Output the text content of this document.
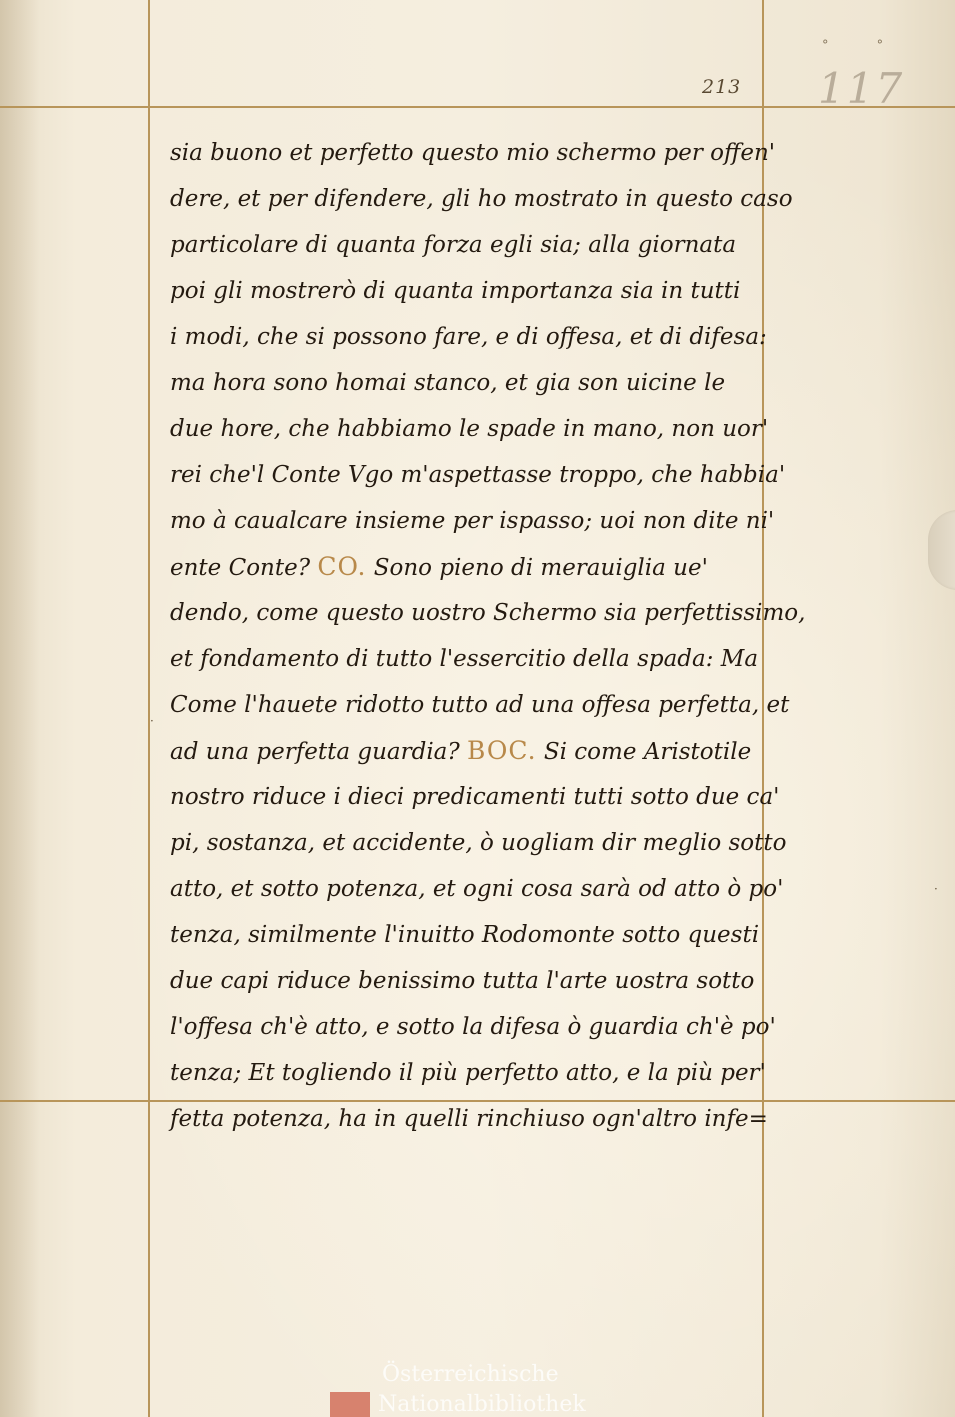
° °
213 117
sia buono et perfetto questo mio schermo per offen'
dere, et per difendere, gli ho mostrato in questo caso
particolare di quanta forza egli sia; alla giornata
poi gli mostrerò di quanta importanza sia in tutti
i modi, che si possono fare, e di offesa, et di difesa:
ma hora sono homai stanco, et gia son uicine le
due hore, che habbiamo le spade in mano, non uor'
rei che'l Conte Vgo m'aspettasse troppo, che habbia'
mo à caualcare insieme per ispasso; uoi non dite ni'
ente Conte? CO. Sono pieno di merauiglia ue'
dendo, come questo uostro Schermo sia perfettissimo,
et fondamento di tutto l'essercitio della spada: Ma
Come l'hauete ridotto tutto ad una offesa perfetta, et
ad una perfetta guardia? BOC. Si come Aristotile
nostro riduce i dieci predicamenti tutti sotto due ca'
pi, sostanza, et accidente, ò uogliam dir meglio sotto
atto, et sotto potenza, et ogni cosa sarà od atto ò po'
tenza, similmente l'inuitto Rodomonte sotto questi
due capi riduce benissimo tutta l'arte uostra sotto
l'offesa ch'è atto, e sotto la difesa ò guardia ch'è po'
tenza; Et togliendo il più perfetto atto, e la più per'
fetta potenza, ha in quelli rinchiuso ogn'altro infe=
·
·
Österreichische
Nationalbibliothek
